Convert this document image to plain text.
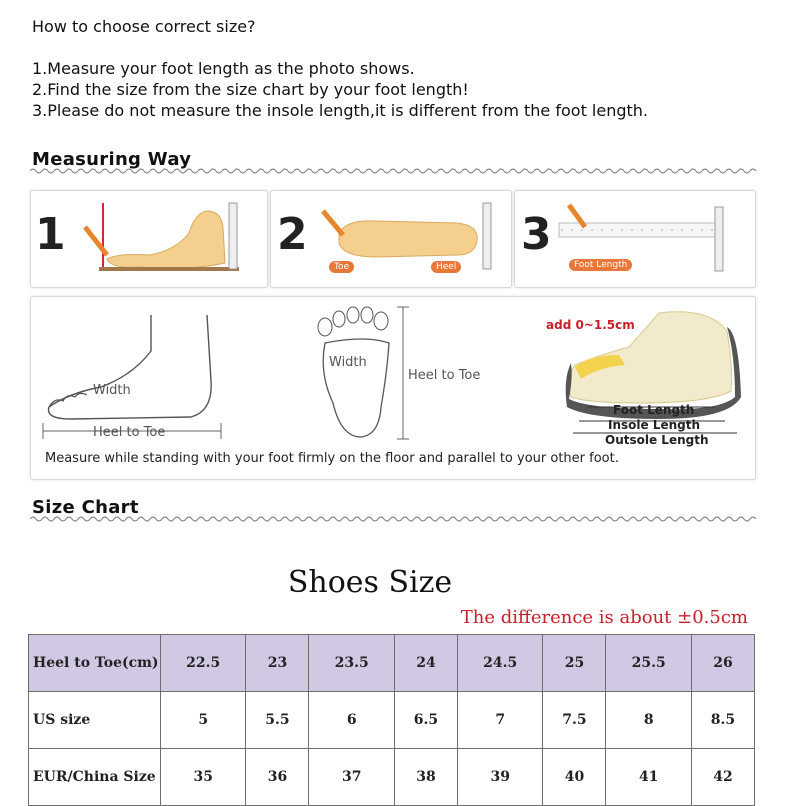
How to choose correct size?
1.Measure your foot length as the photo shows.
2.Find the size from the size chart by your foot length!
3.Please do not measure the insole length,it is different from the foot length.
Measuring Way
1	2
Toe	Heel
3
Foot Length
Width
Heel to Toe
Width
Heel to Toe
add 0~1.5cm
Foot Length
Insole Length
Outsole Length
Measure while standing with your foot firmly on the floor and parallel to your other foot.
Size Chart
Shoes Size
The difference is about ±0.5cm
Heel to Toe(cm)	22.5	23	23.5	24	24.5	25	25.5	26
US size	5	5.5	6	6.5	7	7.5	8	8.5
EUR/China Size	35	36	37	38	39	40	41	42
